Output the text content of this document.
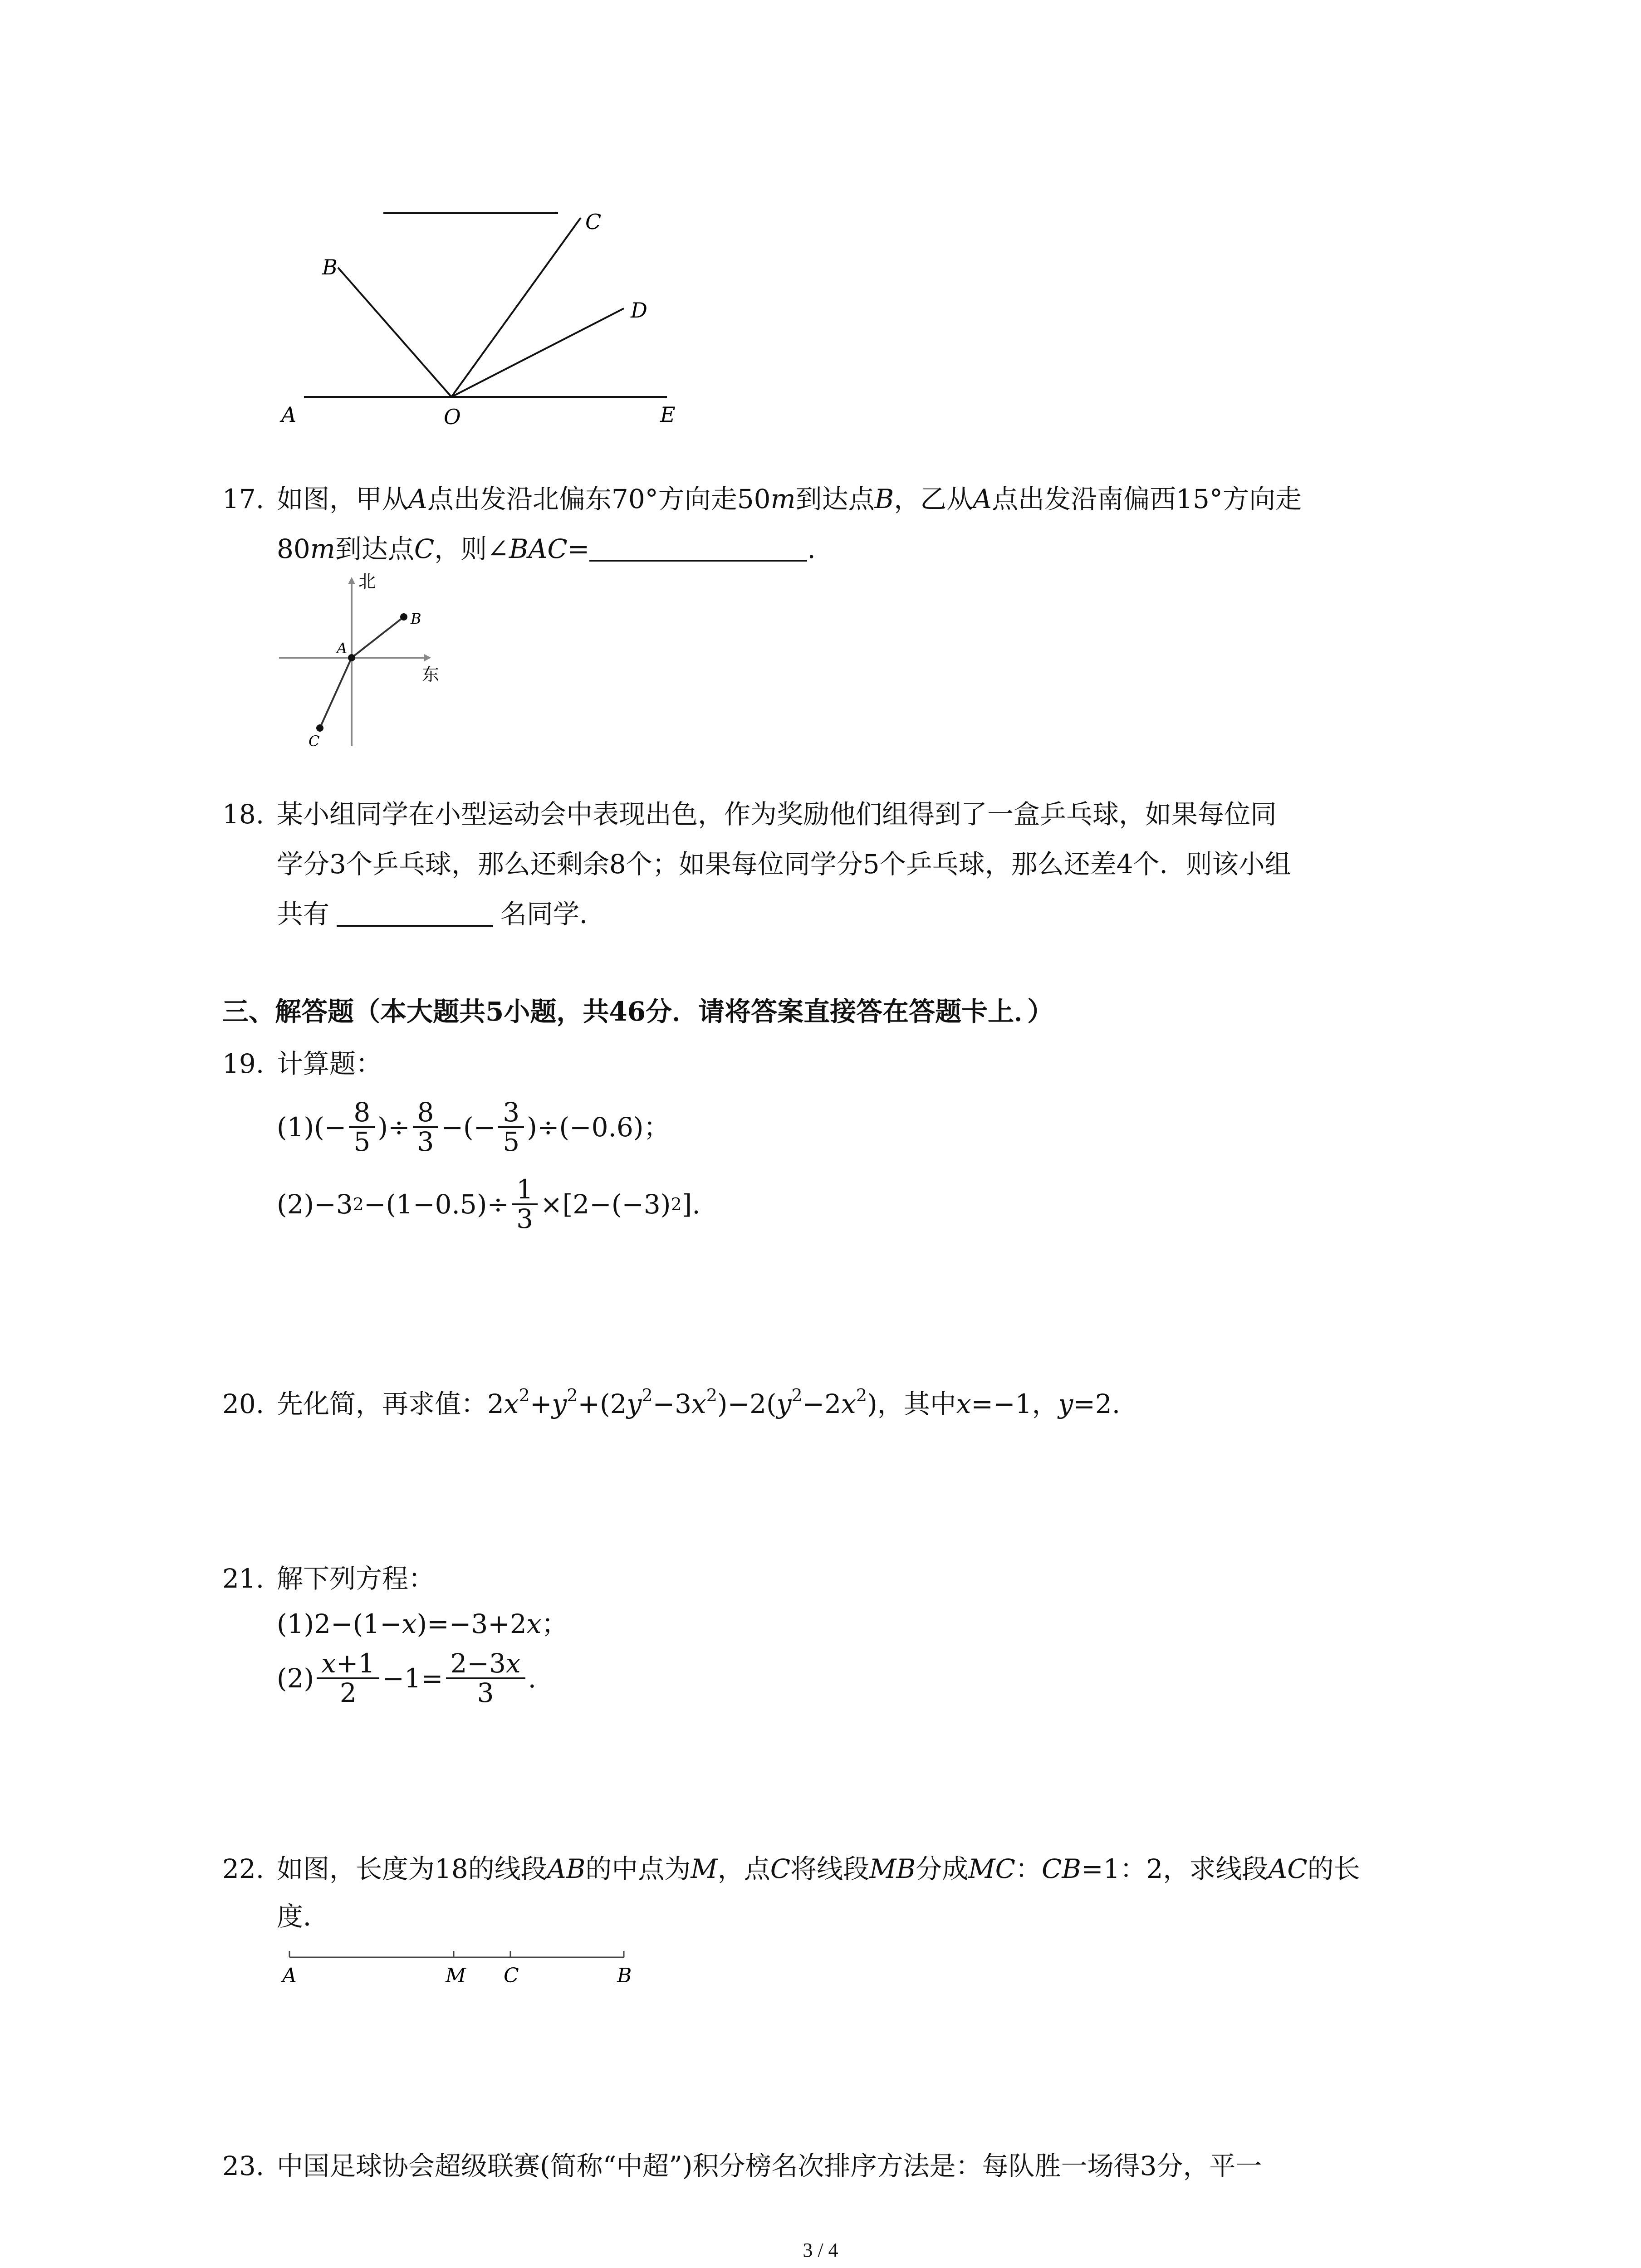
B
C
D
A	O	E
17. 如图，甲从A点出发沿北偏东70°方向走50m到达点B，乙从A点出发沿南偏西15°方向走
80m到达点C，则∠BAC=	.
北
东
A
B
C
18. 某小组同学在小型运动会中表现出色，作为奖励他们组得到了一盒乒乓球，如果每位同
学分3个乒乓球，那么还剩余8个；如果每位同学分5个乒乓球，那么还差4个．则该小组
共有	名同学．
三、解答题（本大题共5小题，共46分．请将答案直接答在答题卡上．）
19. 计算题：
(1) (− $\frac{8}{5}$ )÷ $\frac{8}{3}$ −(− $\frac{3}{5} )\div(-0.6)$；
(2) −3 $2 -(1-0.5)\div \frac{1}{3} \times[2-(-3)$ 2 ].
20. 先化简，再求值：$2x^2+y^2+(2y^2-3x^2)-2(y^2-2x^2)$，其中x=−1，y=2.
21. 解下列方程：
(1)2−(1−x)=−3+2x；
$(2) \frac{x+1}{2} -1= \frac{2-3x}{3}$ .
22. 如图，长度为18的线段AB的中点为M，点C将线段MB分成MC：CB=1：2，求线段AC的长
度．
A	M C	B
23. 中国足球协会超级联赛(简称“中超”)积分榜名次排序方法是：每队胜一场得3分，平一
3 / 4
